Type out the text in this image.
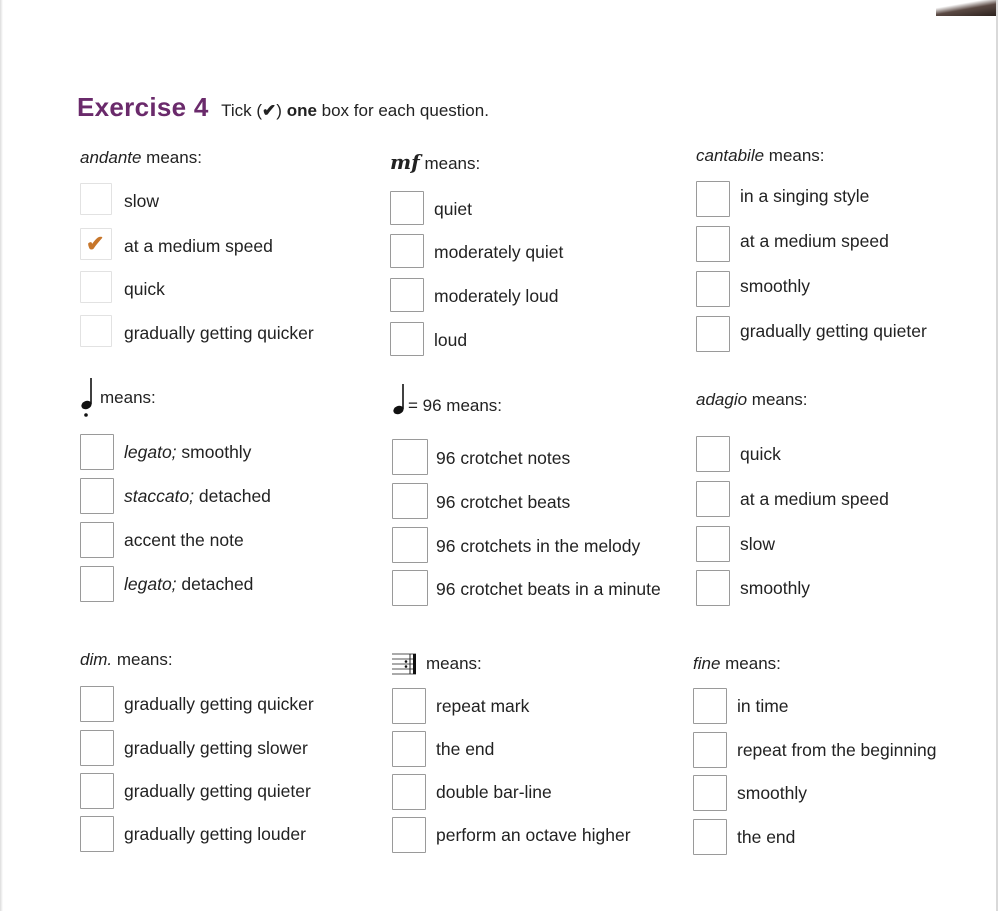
Exercise 4 Tick (✔) one box for each question.
andante means:
slow
✔ at a medium speed
quick
gradually getting quicker
mf means:
quiet
moderately quiet
moderately loud
loud
cantabile means:
in a singing style
at a medium speed
smoothly
gradually getting quieter
means:
legato; smoothly
staccato; detached
accent the note
legato; detached
= 96 means:
96 crotchet notes
96 crotchet beats
96 crotchets in the melody
96 crotchet beats in a minute
adagio means:
quick
at a medium speed
slow
smoothly
dim. means:
gradually getting quicker
gradually getting slower
gradually getting quieter
gradually getting louder
means:
repeat mark
the end
double bar-line
perform an octave higher
fine means:
in time
repeat from the beginning
smoothly
the end
